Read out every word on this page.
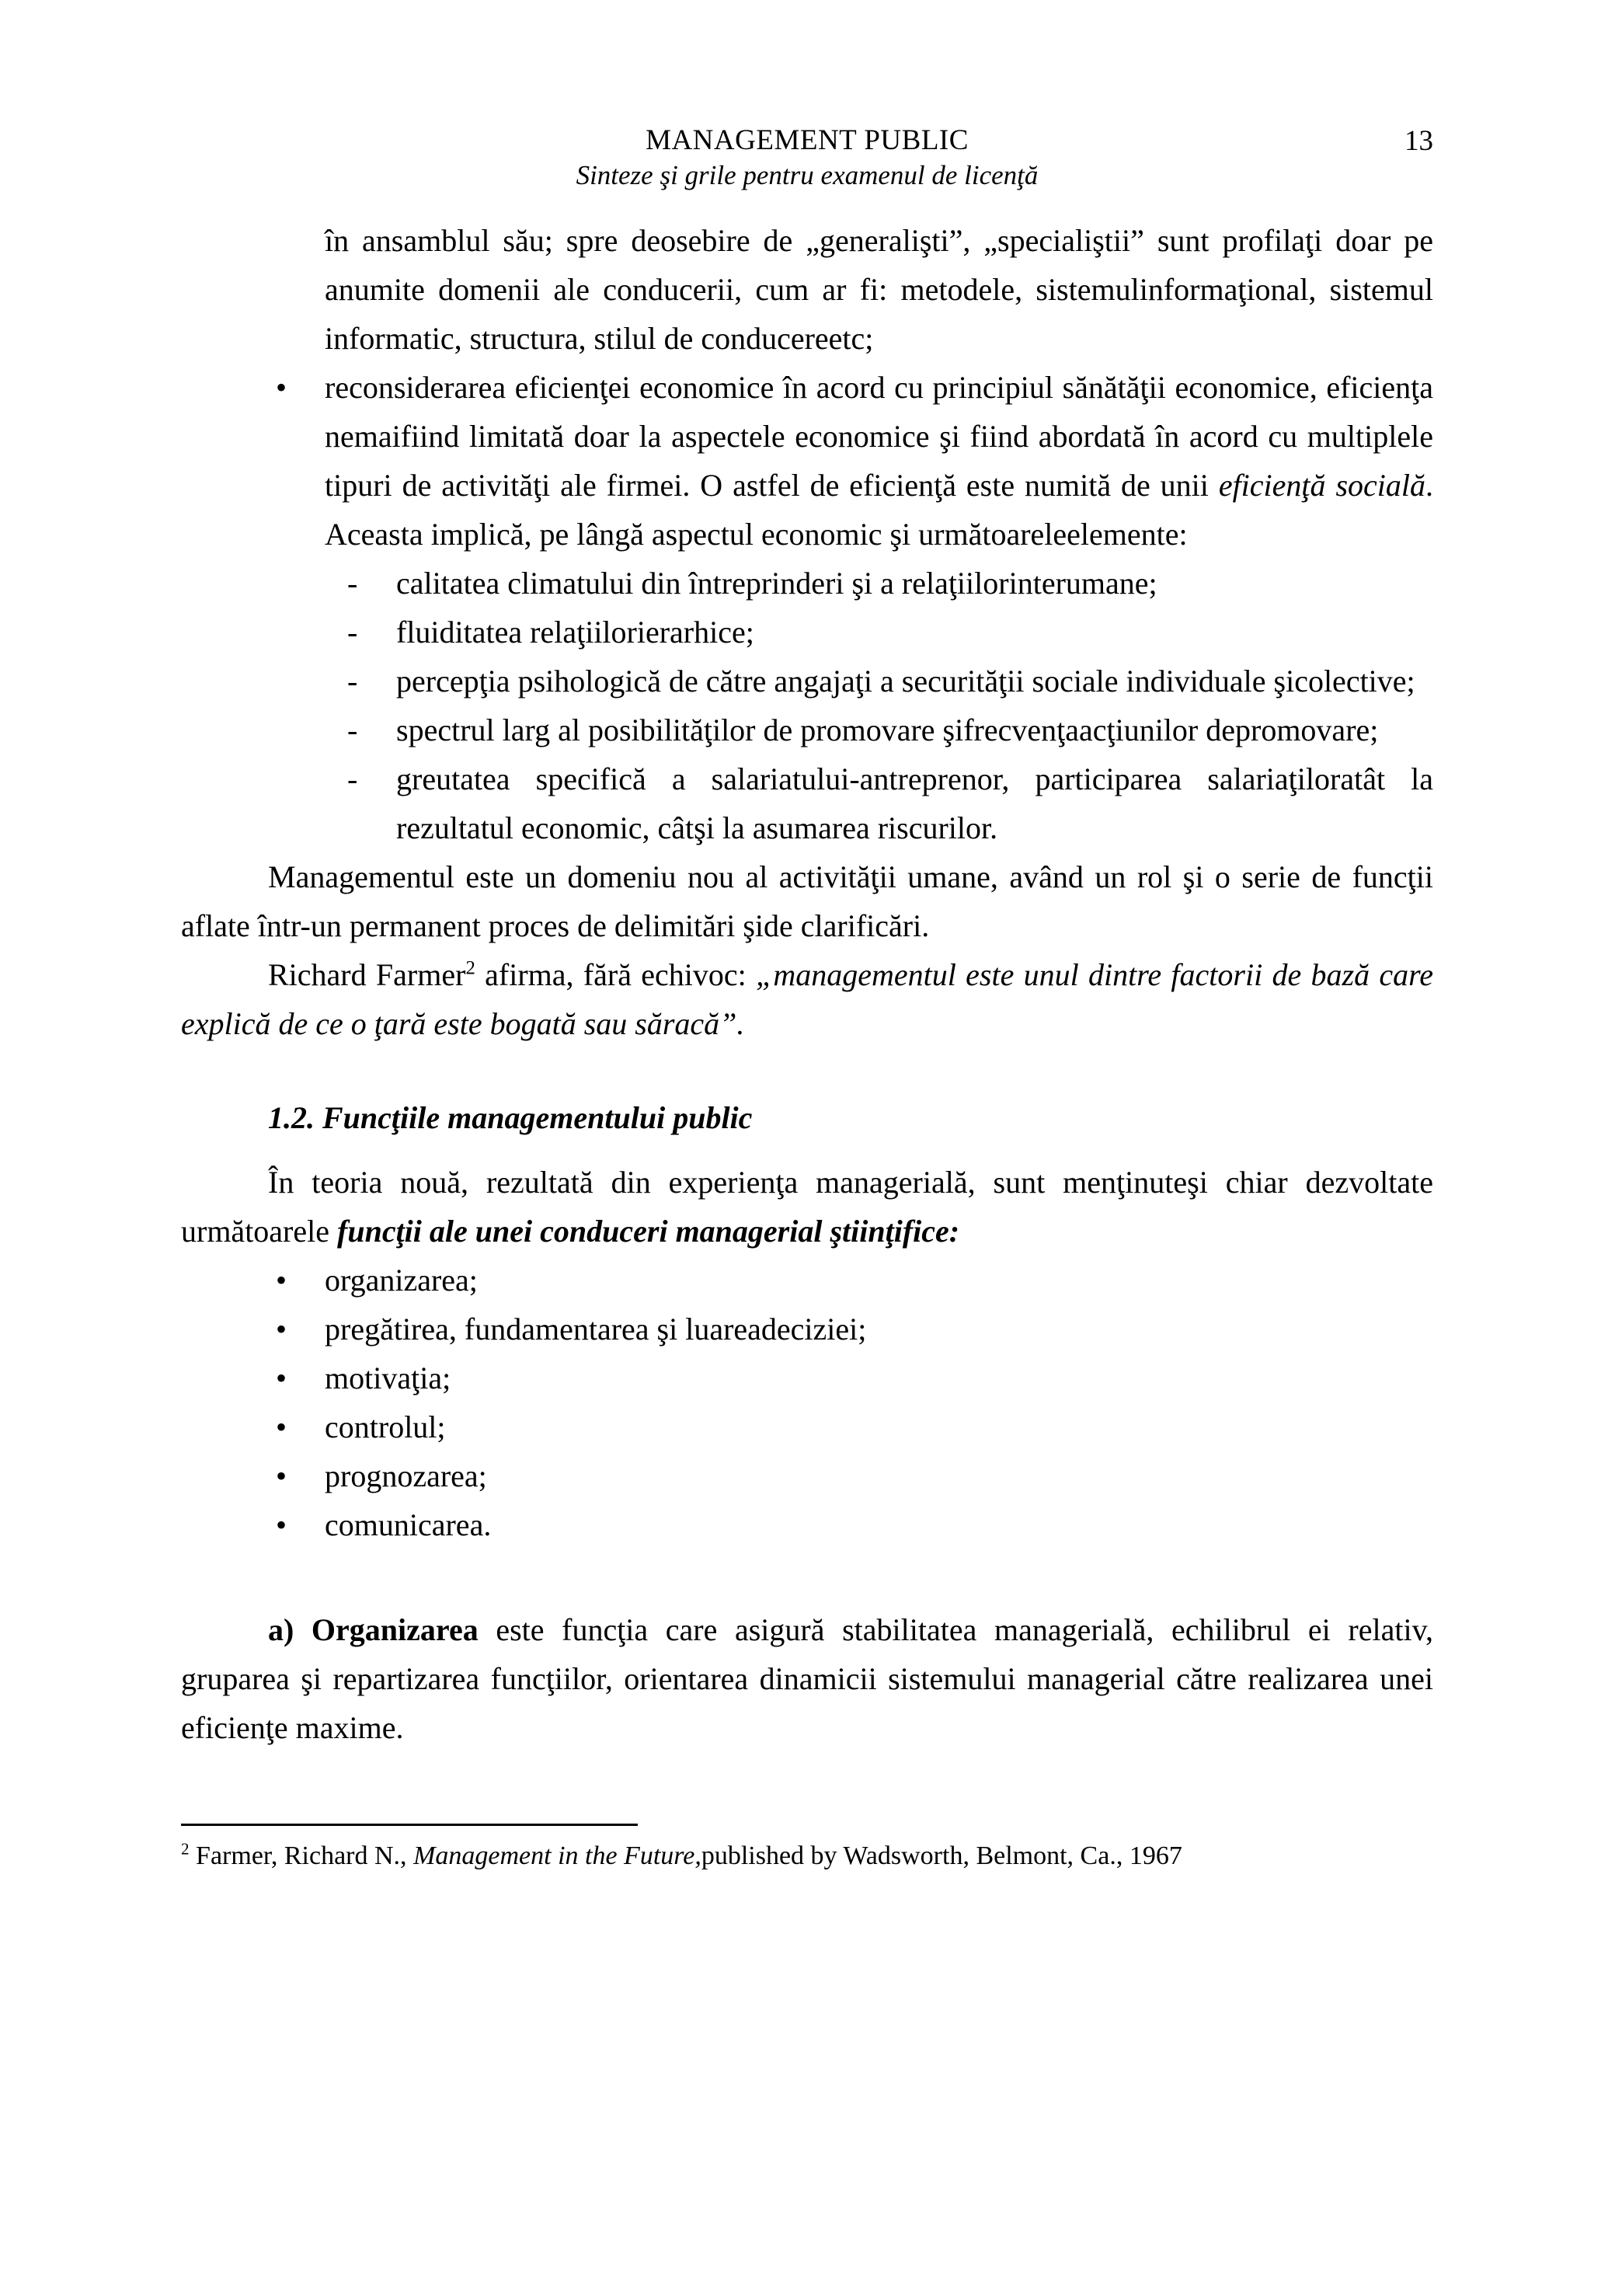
MANAGEMENT PUBLIC
Sinteze şi grile pentru examenul de licenţă
13

în ansamblul său; spre deosebire de „generalişti”, „specialiştii” sunt profilaţi doar pe anumite domenii ale conducerii, cum ar fi: metodele, sistemulinformaţional, sistemul informatic, structura, stilul de conducereetc;

• reconsiderarea eficienţei economice în acord cu principiul sănătăţii economice, eficienţa nemaifiind limitată doar la aspectele economice şi fiind abordată în acord cu multiplele tipuri de activităţi ale firmei. O astfel de eficienţă este numită de unii eficienţă socială. Aceasta implică, pe lângă aspectul economic şi următoareleelemente:
- calitatea climatului din întreprinderi şi a relaţiilorinterumane;
- fluiditatea relaţiilorierarhice;
- percepţia psihologică de către angajaţi a securităţii sociale individuale şicolective;
- spectrul larg al posibilităţilor de promovare şifrecvenţaacţiunilor depromovare;
- greutatea specifică a salariatului-antreprenor, participarea salariaţiloratât la rezultatul economic, câtşi la asumarea riscurilor.

Managementul este un domeniu nou al activităţii umane, având un rol şi o serie de funcţii aflate într-un permanent proces de delimitări şide clarificări.

Richard Farmer$^2$ afirma, fără echivoc: „managementul este unul dintre factorii de bază care explică de ce o ţară este bogată sau săracă”.

1.2. Funcţiile managementului public

În teoria nouă, rezultată din experienţa managerială, sunt menţinuteşi chiar dezvoltate următoarele funcţii ale unei conduceri managerial ştiinţifice:

• organizarea;
• pregătirea, fundamentarea şi luareadeciziei;
• motivaţia;
• controlul;
• prognozarea;
• comunicarea.

a) Organizarea este funcţia care asigură stabilitatea managerială, echilibrul ei relativ, gruparea şi repartizarea funcţiilor, orientarea dinamicii sistemului managerial către realizarea unei eficienţe maxime.

$^2$ Farmer, Richard N., Management in the Future,published by Wadsworth, Belmont, Ca., 1967
